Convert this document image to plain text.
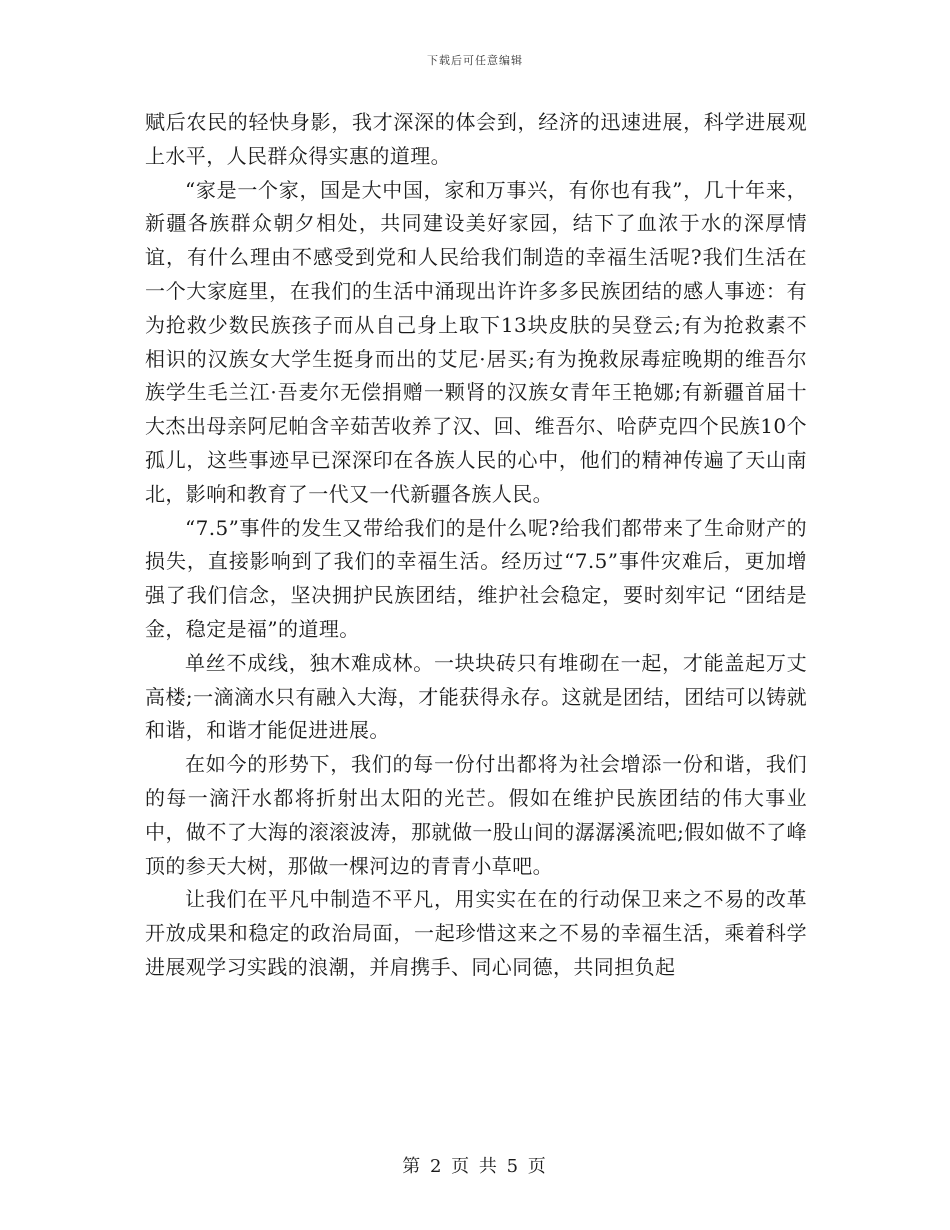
下载后可任意编辑

赋后农民的轻快身影，我才深深的体会到，经济的迅速进展，科学进展观上水平，人民群众得实惠的道理。

“家是一个家，国是大中国，家和万事兴，有你也有我”，几十年来，新疆各族群众朝夕相处，共同建设美好家园，结下了血浓于水的深厚情谊，有什么理由不感受到党和人民给我们制造的幸福生活呢?我们生活在一个大家庭里，在我们的生活中涌现出许许多多民族团结的感人事迹：有为抢救少数民族孩子而从自己身上取下13块皮肤的吴登云;有为抢救素不相识的汉族女大学生挺身而出的艾尼·居买;有为挽救尿毒症晚期的维吾尔族学生毛兰江·吾麦尔无偿捐赠一颗肾的汉族女青年王艳娜;有新疆首届十大杰出母亲阿尼帕含辛茹苦收养了汉、回、维吾尔、哈萨克四个民族10个孤儿，这些事迹早已深深印在各族人民的心中，他们的精神传遍了天山南北，影响和教育了一代又一代新疆各族人民。

“7.5”事件的发生又带给我们的是什么呢?给我们都带来了生命财产的损失，直接影响到了我们的幸福生活。经历过“7.5”事件灾难后，更加增强了我们信念，坚决拥护民族团结，维护社会稳定，要时刻牢记 “团结是金，稳定是福”的道理。

单丝不成线，独木难成林。一块块砖只有堆砌在一起，才能盖起万丈高楼;一滴滴水只有融入大海，才能获得永存。这就是团结，团结可以铸就和谐，和谐才能促进进展。

在如今的形势下，我们的每一份付出都将为社会增添一份和谐，我们的每一滴汗水都将折射出太阳的光芒。假如在维护民族团结的伟大事业中，做不了大海的滚滚波涛，那就做一股山间的潺潺溪流吧;假如做不了峰顶的参天大树，那做一棵河边的青青小草吧。

让我们在平凡中制造不平凡，用实实在在的行动保卫来之不易的改革开放成果和稳定的政治局面，一起珍惜这来之不易的幸福生活，乘着科学进展观学习实践的浪潮，并肩携手、同心同德，共同担负起

第 2 页 共 5 页
